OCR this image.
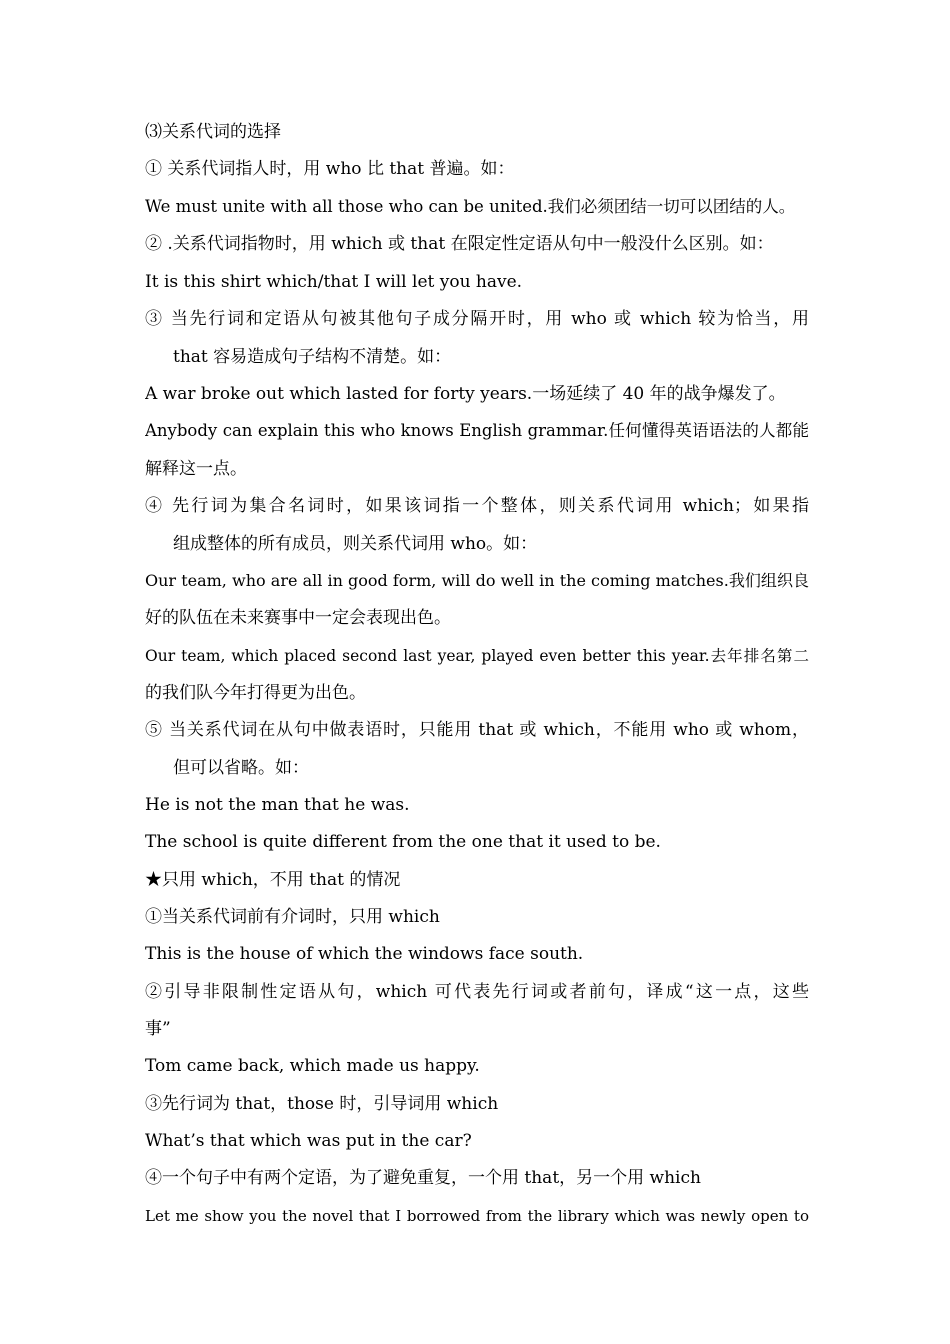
⑶关系代词的选择
① 关系代词指人时，用 who 比 that 普遍。如：
We must unite with all those who can be united.我们必须团结一切可以团结的人。
② .关系代词指物时，用 which 或 that 在限定性定语从句中一般没什么区别。如：
It is this shirt which/that I will let you have.
③ 当先行词和定语从句被其他句子成分隔开时，用 who 或 which 较为恰当，用
that 容易造成句子结构不清楚。如：
A war broke out which lasted for forty years.一场延续了 40 年的战争爆发了。
Anybody can explain this who knows English grammar.任何懂得英语语法的人都能
解释这一点。
④ 先行词为集合名词时，如果该词指一个整体，则关系代词用 which；如果指
组成整体的所有成员，则关系代词用 who。如：
Our team, who are all in good form, will do well in the coming matches.我们组织良
好的队伍在未来赛事中一定会表现出色。
Our team, which placed second last year, played even better this year.去年排名第二
的我们队今年打得更为出色。
⑤ 当关系代词在从句中做表语时，只能用 that 或 which，不能用 who 或 whom，
但可以省略。如：
He is not the man that he was.
The school is quite different from the one that it used to be.
★只用 which，不用 that 的情况
①当关系代词前有介词时，只用 which
This is the house of which the windows face south.
②引导非限制性定语从句，which 可代表先行词或者前句，译成“这一点，这些
事”
Tom came back, which made us happy.
③先行词为 that，those 时，引导词用 which
What’s that which was put in the car?
④一个句子中有两个定语，为了避免重复，一个用 that，另一个用 which
Let me show you the novel that I borrowed from the library which was newly open to
